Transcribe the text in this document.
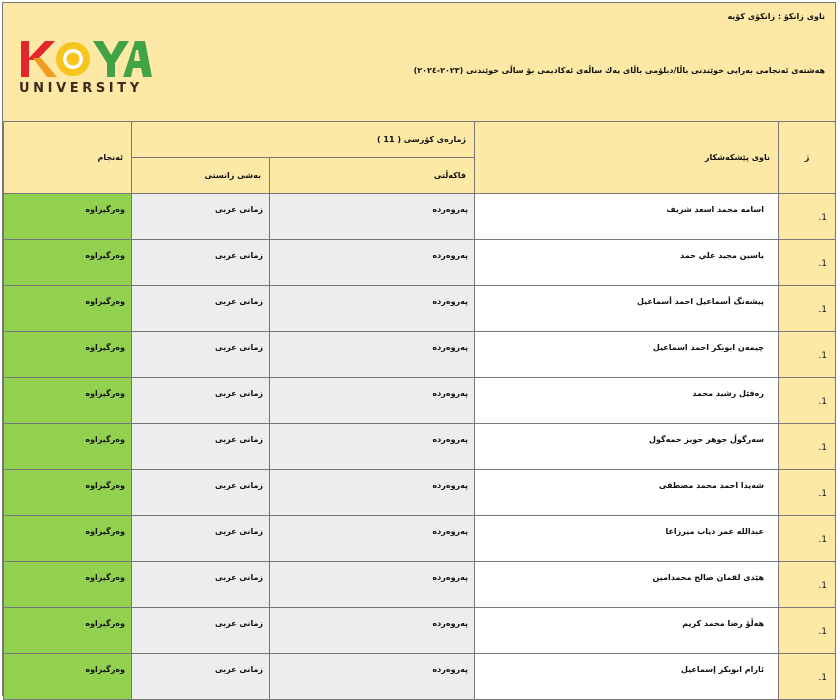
ناوی زانکۆ : زانکۆی کۆیە
هەشتەی ئەنجامی بەرایی خوێندنی باڵا/دبلۆمی باڵای یەك ساڵەی ئەکادیمی بۆ ساڵی خوێندنی (٢٠٢٣-٢٠٢٤)
UNIVERSITY
ئەنجام	ژمارەی کۆرسی ( 11 )		ناوی پێشکەشکار	ژ
	بەشی زانستی	فاکەڵتی		
وەرگیراوە	زمانی عربی	پەروەردە	اسامه محمد اسعد شريف	1.
وەرگیراوە	زمانی عربی	پەروەردە	ياسين مجيد علي حمد	1.
وەرگیراوە	زمانی عربی	پەروەردە	پيشەنگ أسماعيل احمد أسماعيل	1.
وەرگیراوە	زمانی عربی	پەروەردە	چيمەن ابوبكر احمد اسماعيل	1.
وەرگیراوە	زمانی عربی	پەروەردە	رەفێل رشيد محمد	1.
وەرگیراوە	زمانی عربی	پەروەردە	سەرگوڵ جوهر حويز حمەگول	1.
وەرگیراوە	زمانی عربی	پەروەردە	شەيدا احمد محمد مصطفى	1.
وەرگیراوە	زمانی عربی	پەروەردە	عبدالله عمر دياب ميرزاغا	1.
وەرگیراوە	زمانی عربی	پەروەردە	هێدی لقمان صالح محمدامين	1.
وەرگیراوە	زمانی عربی	پەروەردە	هەڵۆ رضا محمد كريم	1.
وەرگیراوە	زمانی عربی	پەروەردە	ئارام ابوبكر إسماعيل	1.
